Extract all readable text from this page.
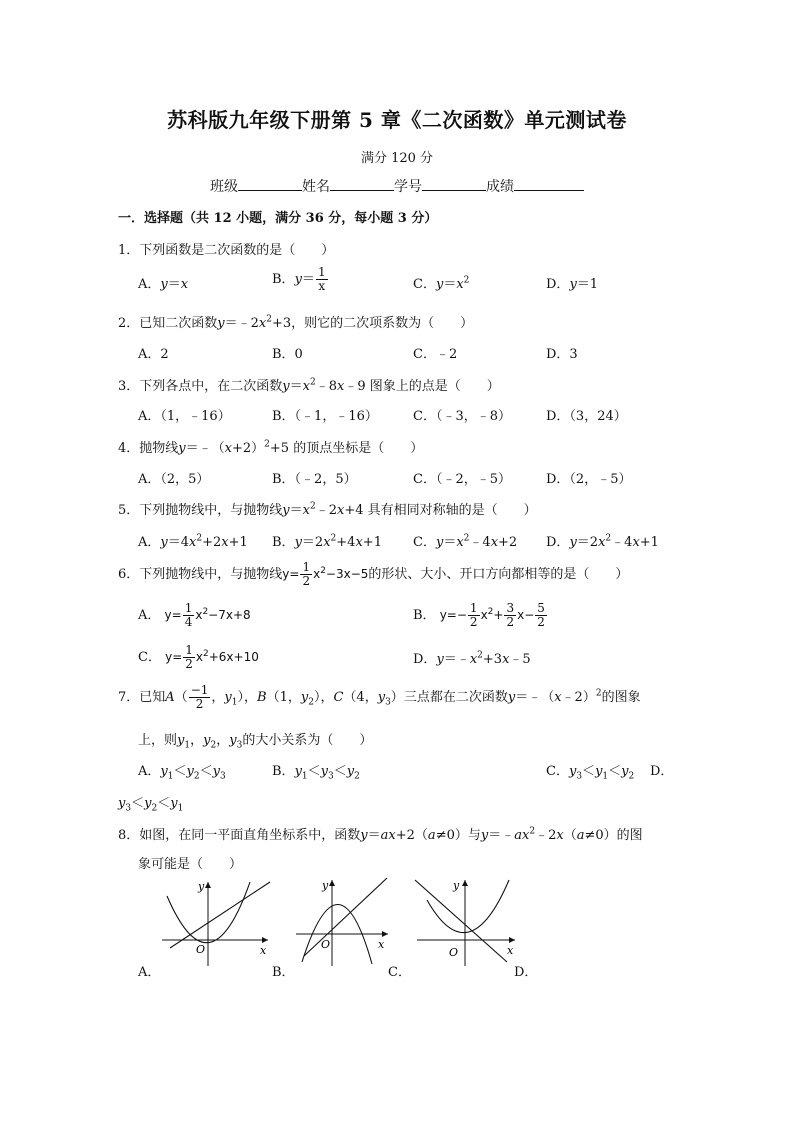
苏科版九年级下册第 5 章《二次函数》单元测试卷
满分 120 分
班级	姓名	学号	成绩
一．选择题（共 12 小题，满分 36 分，每小题 3 分）
1．下列函数是二次函数的是（　　）
A．y＝x	B．$y= \frac{1}{x}$	C．$y=x^2$	D．y＝1
2．已知二次函数$y=﹣2x^2+3$，则它的二次项系数为（　　）
A．2	B．0	C．﹣2	D．3
3．下列各点中，在二次函数$y=x^2﹣8x﹣9$ 图象上的点是（　　）
A．（1，﹣16）	B．（﹣1，﹣16）	C．（﹣3，﹣8）	D．（3，24）
4．抛物线$y=﹣(x+2)^2+5$ 的顶点坐标是（　　）
A．（2，5）	B．（﹣2，5）	C．（﹣2，﹣5）	D．（2，﹣5）
5．下列抛物线中，与抛物线$y=x^2﹣2x+4$ 具有相同对称轴的是（　　）
A．$y=4x^2+2x+1$ B．$y=2x^2+4x+1$ C．$y=x^2﹣4x+2$ D．$y=2x^2﹣4x+1$
6．下列抛物线中，与抛物线$y= \frac{1}{2} x^2-3x-5$的形状、大小、开口方向都相等的是（　　）
A． $y= \frac{1}{4} x^2-7x+8$	B． $y=- \frac{1}{2} x^2+ \frac{3}{2} x- \frac{5}{2}$
C． $y= \frac{1}{2} x^2+6x+10$	D．$y=﹣x^2+3x﹣5$
7．已知$A( \frac{-1}{2}$ ，$y_1$），B（1，$y_2$），C（4，$y_3$）三点都在二次函数y＝﹣（x﹣2）$^2$的图象
上，则$y_1$，$y_2$，$y_3$的大小关系为（　　）
A．$y_1<y_2<y_3$	B．$y_1<y_3<y_2$	C．$y_3<y_1<y_2$ D．
$y_3<y_2<y_1$
8．如图，在同一平面直角坐标系中，函数y＝ax+2（a≠0）与$y=﹣ax^2﹣2x(a\ne 0)$的图
象可能是（　　）
y
x
O
A．
y
x
O
B．
y
x
O
C．	D．
